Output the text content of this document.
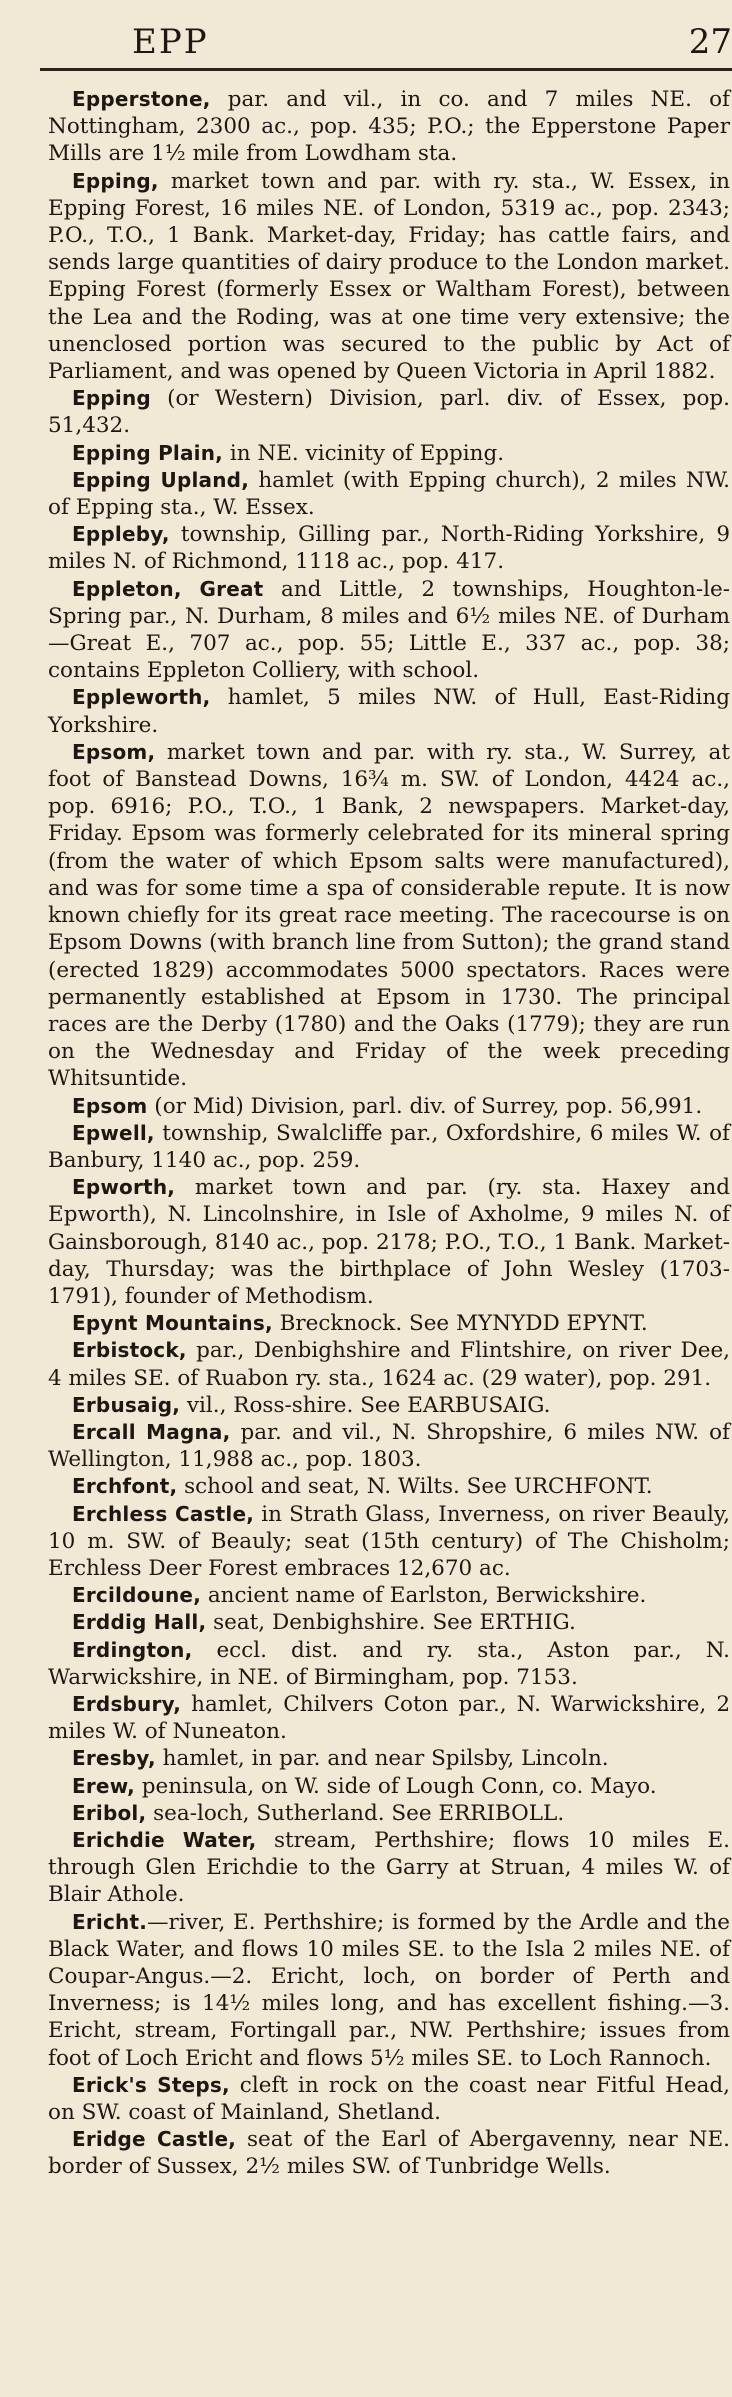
EPP	27

Epperstone, par. and vil., in co. and 7 miles NE. of Nottingham, 2300 ac., pop. 435; P.O.; the Epperstone Paper Mills are 1½ mile from Lowdham sta.

Epping, market town and par. with ry. sta., W. Essex, in Epping Forest, 16 miles NE. of London, 5319 ac., pop. 2343; P.O., T.O., 1 Bank. Market-day, Friday; has cattle fairs, and sends large quantities of dairy produce to the London market. Epping Forest (formerly Essex or Waltham Forest), between the Lea and the Roding, was at one time very extensive; the unenclosed portion was secured to the public by Act of Parliament, and was opened by Queen Victoria in April 1882.

Epping (or Western) Division, parl. div. of Essex, pop. 51,432.

Epping Plain, in NE. vicinity of Epping.

Epping Upland, hamlet (with Epping church), 2 miles NW. of Epping sta., W. Essex.

Eppleby, township, Gilling par., North-Riding Yorkshire, 9 miles N. of Richmond, 1118 ac., pop. 417.

Eppleton, Great and Little, 2 townships, Houghton-le-Spring par., N. Durham, 8 miles and 6½ miles NE. of Durham—Great E., 707 ac., pop. 55; Little E., 337 ac., pop. 38; contains Eppleton Colliery, with school.

Eppleworth, hamlet, 5 miles NW. of Hull, East-Riding Yorkshire.

Epsom, market town and par. with ry. sta., W. Surrey, at foot of Banstead Downs, 16¾ m. SW. of London, 4424 ac., pop. 6916; P.O., T.O., 1 Bank, 2 newspapers. Market-day, Friday. Epsom was formerly celebrated for its mineral spring (from the water of which Epsom salts were manufactured), and was for some time a spa of considerable repute. It is now known chiefly for its great race meeting. The racecourse is on Epsom Downs (with branch line from Sutton); the grand stand (erected 1829) accommodates 5000 spectators. Races were permanently established at Epsom in 1730. The principal races are the Derby (1780) and the Oaks (1779); they are run on the Wednesday and Friday of the week preceding Whitsuntide.

Epsom (or Mid) Division, parl. div. of Surrey, pop. 56,991.

Epwell, township, Swalcliffe par., Oxfordshire, 6 miles W. of Banbury, 1140 ac., pop. 259.

Epworth, market town and par. (ry. sta. Haxey and Epworth), N. Lincolnshire, in Isle of Axholme, 9 miles N. of Gainsborough, 8140 ac., pop. 2178; P.O., T.O., 1 Bank. Market-day, Thursday; was the birthplace of John Wesley (1703-1791), founder of Methodism.

Epynt Mountains, Brecknock. See MYNYDD EPYNT.

Erbistock, par., Denbighshire and Flintshire, on river Dee, 4 miles SE. of Ruabon ry. sta., 1624 ac. (29 water), pop. 291.

Erbusaig, vil., Ross-shire. See EARBUSAIG.

Ercall Magna, par. and vil., N. Shropshire, 6 miles NW. of Wellington, 11,988 ac., pop. 1803.

Erchfont, school and seat, N. Wilts. See URCHFONT.

Erchless Castle, in Strath Glass, Inverness, on river Beauly, 10 m. SW. of Beauly; seat (15th century) of The Chisholm; Erchless Deer Forest embraces 12,670 ac.

Ercildoune, ancient name of Earlston, Berwickshire.

Erddig Hall, seat, Denbighshire. See ERTHIG.

Erdington, eccl. dist. and ry. sta., Aston par., N. Warwickshire, in NE. of Birmingham, pop. 7153.

Erdsbury, hamlet, Chilvers Coton par., N. Warwickshire, 2 miles W. of Nuneaton.

Eresby, hamlet, in par. and near Spilsby, Lincoln.

Erew, peninsula, on W. side of Lough Conn, co. Mayo.

Eribol, sea-loch, Sutherland. See ERRIBOLL.

Erichdie Water, stream, Perthshire; flows 10 miles E. through Glen Erichdie to the Garry at Struan, 4 miles W. of Blair Athole.

Ericht.—river, E. Perthshire; is formed by the Ardle and the Black Water, and flows 10 miles SE. to the Isla 2 miles NE. of Coupar-Angus.—2. Ericht, loch, on border of Perth and Inverness; is 14½ miles long, and has excellent fishing.—3. Ericht, stream, Fortingall par., NW. Perthshire; issues from foot of Loch Ericht and flows 5½ miles SE. to Loch Rannoch.

Erick's Steps, cleft in rock on the coast near Fitful Head, on SW. coast of Mainland, Shetland.

Eridge Castle, seat of the Earl of Abergavenny, near NE. border of Sussex, 2½ miles SW. of Tunbridge Wells.
